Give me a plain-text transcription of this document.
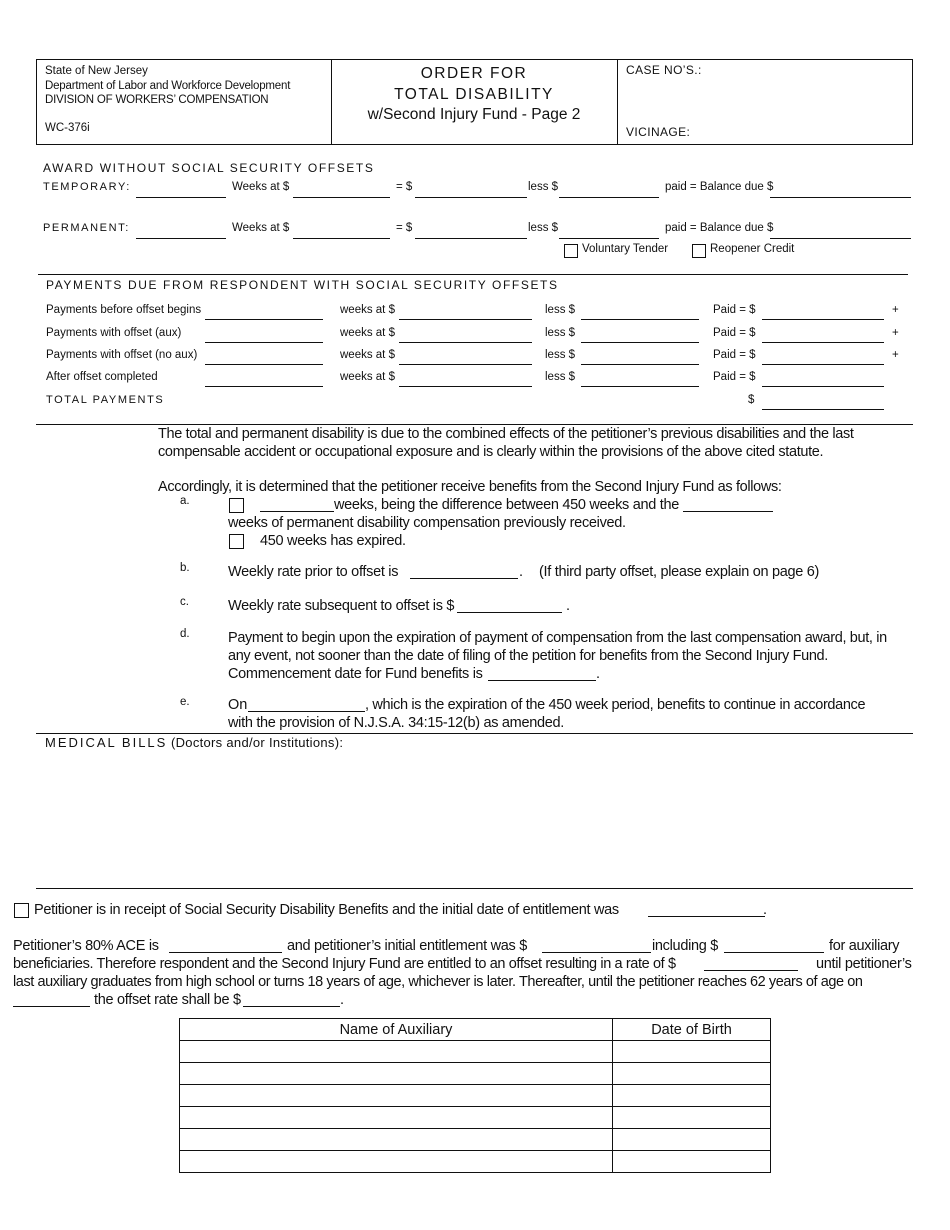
State of New Jersey
Department of Labor and Workforce Development
DIVISION OF WORKERS’ COMPENSATION
WC-376i
ORDER FOR
TOTAL DISABILITY
w/Second Injury Fund - Page 2
CASE NO’S.:
VICINAGE:
AWARD WITHOUT SOCIAL SECURITY OFFSETS
TEMPORARY:	Weeks at $	= $	less $	paid = Balance due $
PERMANENT:	Weeks at $	= $	less $	paid = Balance due $
Voluntary Tender	Reopener Credit
PAYMENTS DUE FROM RESPONDENT WITH SOCIAL SECURITY OFFSETS
Payments before offset begins	weeks at $	less $	Paid = $	+
Payments with offset (aux)	weeks at $	less $	Paid = $	+
Payments with offset (no aux)	weeks at $	less $	Paid = $	+
After offset completed	weeks at $	less $	Paid = $
TOTAL PAYMENTS	$
The total and permanent disability is due to the combined effects of the petitioner’s previous disabilities and the last
compensable accident or occupational exposure and is clearly within the provisions of the above cited statute.
Accordingly, it is determined that the petitioner receive benefits from the Second Injury Fund as follows:
a.	weeks, being the difference between 450 weeks and the
weeks of permanent disability compensation previously received.
450 weeks has expired.
b.	Weekly rate prior to offset is	. (If third party offset, please explain on page 6)
c.	Weekly rate subsequent to offset is $	.
d.	Payment to begin upon the expiration of payment of compensation from the last compensation award, but, in
any event, not sooner than the date of filing of the petition for benefits from the Second Injury Fund.
Commencement date for Fund benefits is	.
e.	On	, which is the expiration of the 450 week period, benefits to continue in accordance
with the provision of N.J.S.A. 34:15-12(b) as amended.
MEDICAL BILLS (Doctors and/or Institutions):
Petitioner is in receipt of Social Security Disability Benefits and the initial date of entitlement was	.
Petitioner’s 80% ACE is	and petitioner’s initial entitlement was $	including $	for auxiliary
beneficiaries. Therefore respondent and the Second Injury Fund are entitled to an offset resulting in a rate of $	until petitioner’s
last auxiliary graduates from high school or turns 18 years of age, whichever is later. Thereafter, until the petitioner reaches 62 years of age on
the offset rate shall be $	.
Name of Auxiliary	Date of Birth
